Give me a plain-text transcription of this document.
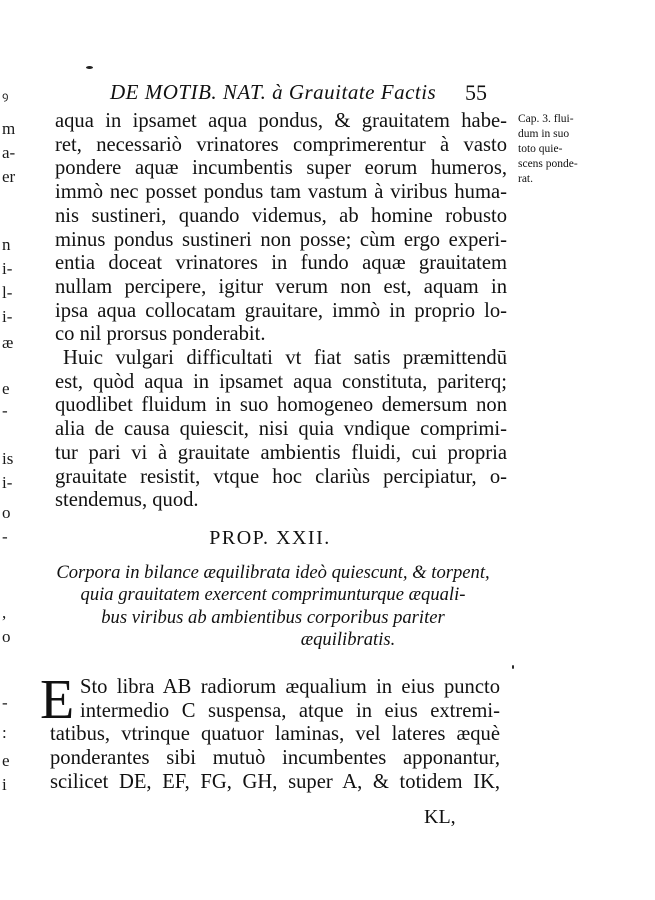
ꝰ
m
a-
er
n
i-
l-
i-
æ
e
-
is
i-
o
-
,
o
-
:
e
i
DE MOTIB. NAT. à Grauitate Factis	55
Cap. 3. flui-
dum in suo
toto quie-
scens ponde-
rat.
aqua in ipsamet aqua pondus, & grauitatem habe-
ret, necessariò vrinatores comprimerentur à vasto
pondere aquæ incumbentis super eorum humeros,
immò nec posset pondus tam vastum à viribus huma-
nis sustineri, quando videmus, ab homine robusto
minus pondus sustineri non posse; cùm ergo experi-
entia doceat vrinatores in fundo aquæ grauitatem
nullam percipere, igitur verum non est, aquam in
ipsa aqua collocatam grauitare, immò in proprio lo-
co nil prorsus ponderabit.
Huic vulgari difficultati vt fiat satis præmittendū
est, quòd aqua in ipsamet aqua constituta, pariterq;
quodlibet fluidum in suo homogeneo demersum non
alia de causa quiescit, nisi quia vndique comprimi-
tur pari vi à grauitate ambientis fluidi, cui propria
grauitate resistit, vtque hoc clariùs percipiatur, o-
stendemus, quod.
PROP. XXII.
Corpora in bilance æquilibrata ideò quiescunt, & torpent,
quia grauitatem exercent comprimunturque æquali-
bus viribus ab ambientibus corporibus pariter
æquilibratis.
E Sto libra AB radiorum æqualium in eius puncto
intermedio C suspensa, atque in eius extremi-
tatibus, vtrinque quatuor laminas, vel lateres æquè
ponderantes sibi mutuò incumbentes apponantur,
scilicet DE, EF, FG, GH, super A, & totidem IK,
KL,
